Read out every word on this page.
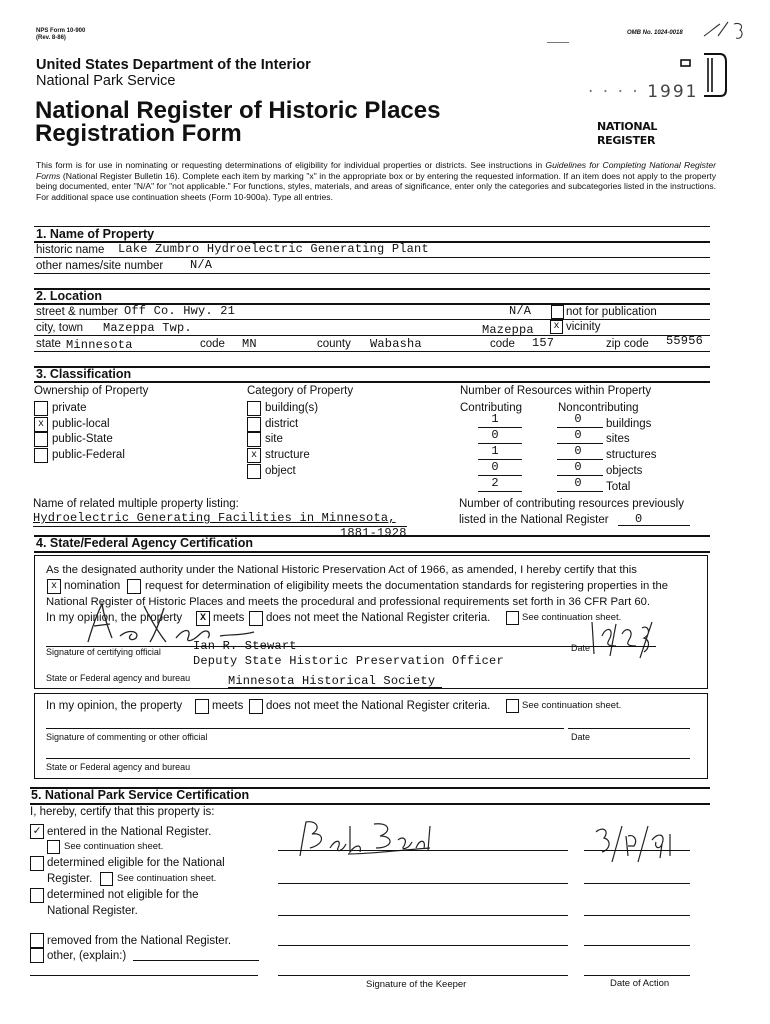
NPS Form 10-900
(Rev. 8-86)
OMB No. 1024-0018
· · · · 1991
United States Department of the Interior
National Park Service
National Register of Historic Places
Registration Form	NATIONAL
REGISTER
This form is for use in nominating or requesting determinations of eligibility for individual properties or districts. See instructions in Guidelines for Completing National Register Forms (National Register Bulletin 16). Complete each item by marking "x" in the appropriate box or by entering the requested information. If an item does not apply to the property being documented, enter "N/A" for "not applicable." For functions, styles, materials, and areas of significance, enter only the categories and subcategories listed in the instructions. For additional space use continuation sheets (Form 10-900a). Type all entries.
1. Name of Property
historic name Lake Zumbro Hydroelectric Generating Plant
other names/site number N/A
2. Location
street & number Off Co. Hwy. 21	N/A	not for publication
city, town Mazeppa Twp.	Mazeppa	x vicinity
state Minnesota	code MN	county Wabasha	code 157	zip code 55956
3. Classification
Ownership of Property
private
x public-local
public-State
public-Federal
Category of Property
building(s)
district
site
x structure
object
Number of Resources within Property
Contributing	Noncontributing
1	0	buildings
0	0	sites
1	0	structures
0	0	objects
2	0	Total
Name of related multiple property listing:
Hydroelectric Generating Facilities in Minnesota,
1881-1928
Number of contributing resources previously
listed in the National Register 0
4. State/Federal Agency Certification
As the designated authority under the National Historic Preservation Act of 1966, as amended, I hereby certify that this
x nomination request for determination of eligibility meets the documentation standards for registering properties in the
National Register of Historic Places and meets the procedural and professional requirements set forth in 36 CFR Part 60.
In my opinion, the property	X meets does not meet the National Register criteria.	See continuation sheet.
Signature of certifying official	Ian R. Stewart	Date
Deputy State Historic Preservation Officer
State or Federal agency and bureau	Minnesota Historical Society
In my opinion, the property	meets does not meet the National Register criteria.	See continuation sheet.
Signature of commenting or other official	Date
State or Federal agency and bureau
5. National Park Service Certification
I, hereby, certify that this property is:
✓ entered in the National Register.
See continuation sheet.
determined eligible for the National
Register.	See continuation sheet.
determined not eligible for the
National Register.
removed from the National Register.
other, (explain:)
Signature of the Keeper	Date of Action
